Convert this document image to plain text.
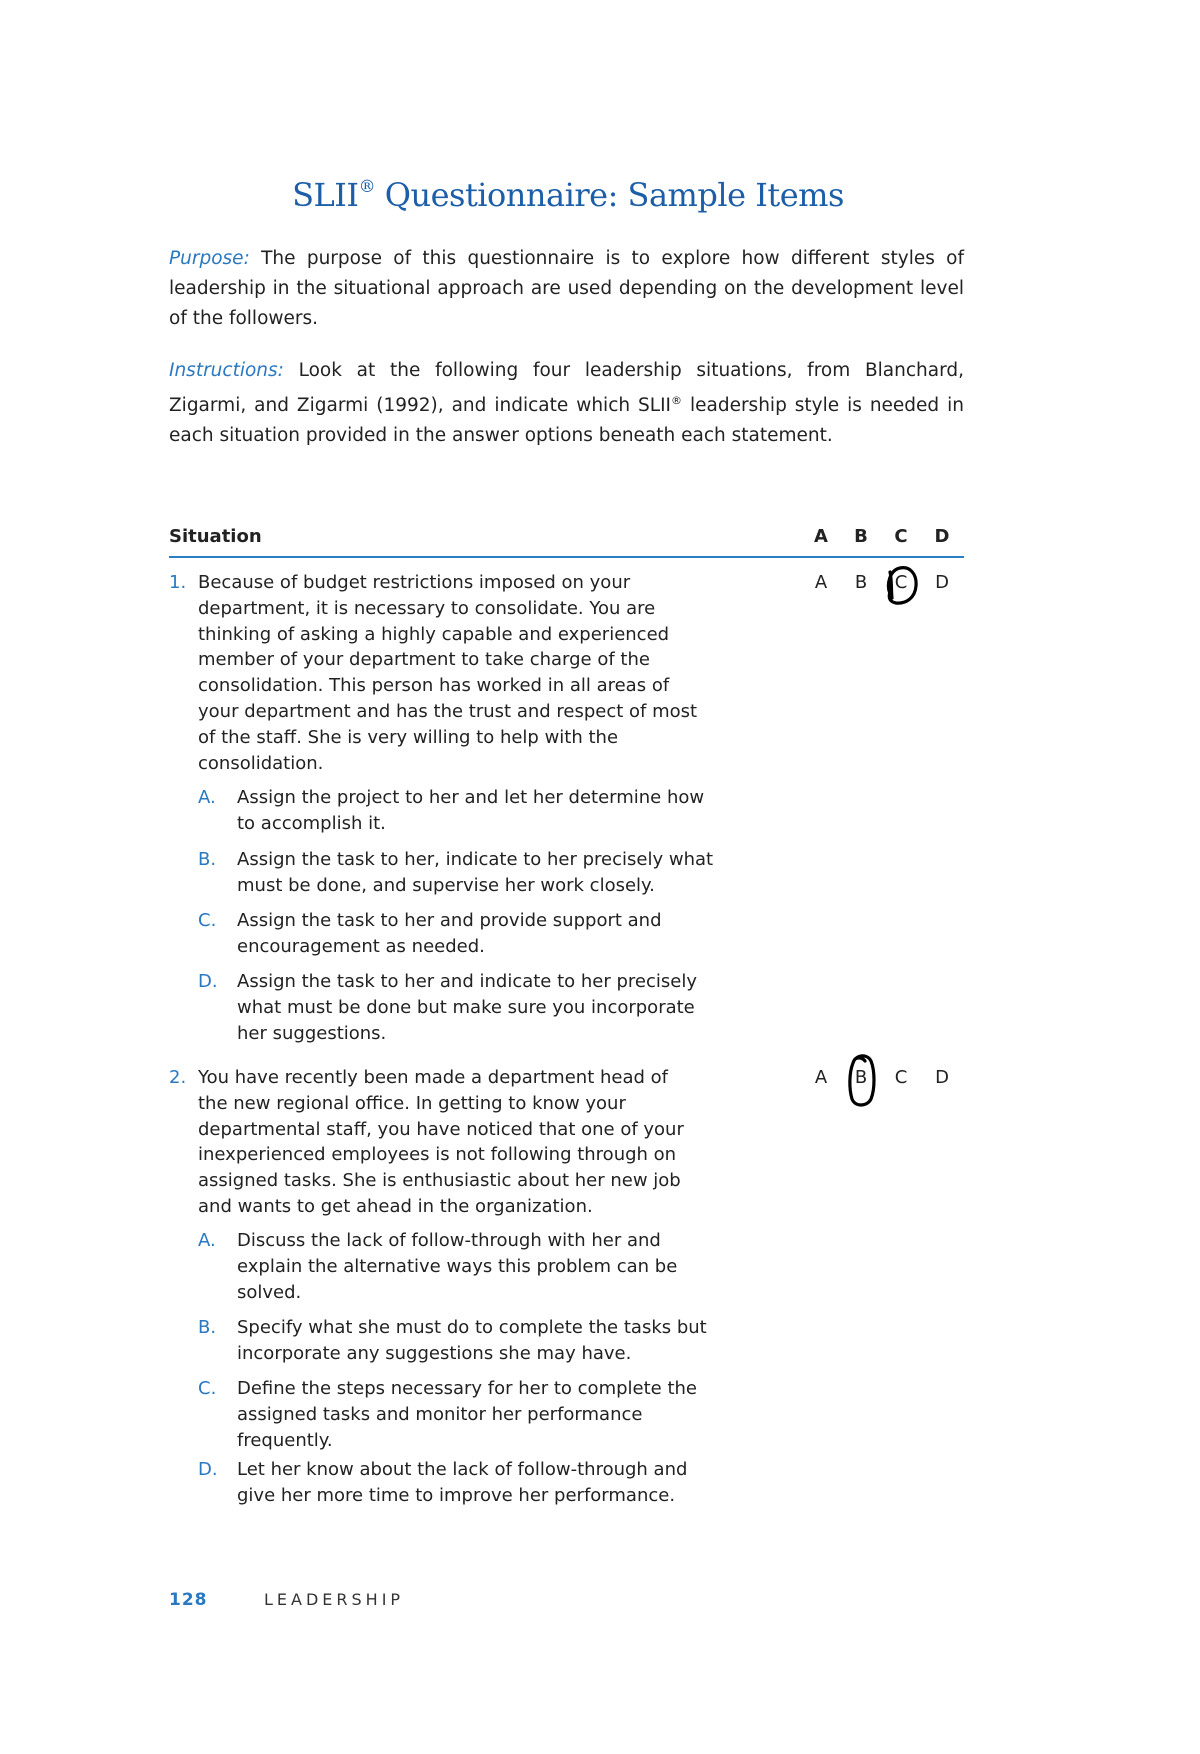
SLII® Questionnaire: Sample Items
Purpose: The purpose of this questionnaire is to explore how different styles of leadership in the situational approach are used depending on the development level of the followers.
Instructions: Look at the following four leadership situations, from Blanchard, Zigarmi, and Zigarmi (1992), and indicate which SLII® leadership style is needed in each situation provided in the answer options beneath each statement.
Situation	A B C D
1. Because of budget restrictions imposed on your department, it is necessary to consolidate. You are thinking of asking a highly capable and experienced member of your department to take charge of the consolidation. This person has worked in all areas of your department and has the trust and respect of most of the staff. She is very willing to help with the consolidation.
A. Assign the project to her and let her determine how to accomplish it.
B. Assign the task to her, indicate to her precisely what must be done, and supervise her work closely.
C. Assign the task to her and provide support and encouragement as needed.
D. Assign the task to her and indicate to her precisely what must be done but make sure you incorporate her suggestions.
A B C D
2. You have recently been made a department head of the new regional office. In getting to know your departmental staff, you have noticed that one of your inexperienced employees is not following through on assigned tasks. She is enthusiastic about her new job and wants to get ahead in the organization.
A. Discuss the lack of follow-through with her and explain the alternative ways this problem can be solved.
B. Specify what she must do to complete the tasks but incorporate any suggestions she may have.
C. Define the steps necessary for her to complete the assigned tasks and monitor her performance frequently.
D. Let her know about the lack of follow-through and give her more time to improve her performance.
A B C D
128	LEADERSHIP
